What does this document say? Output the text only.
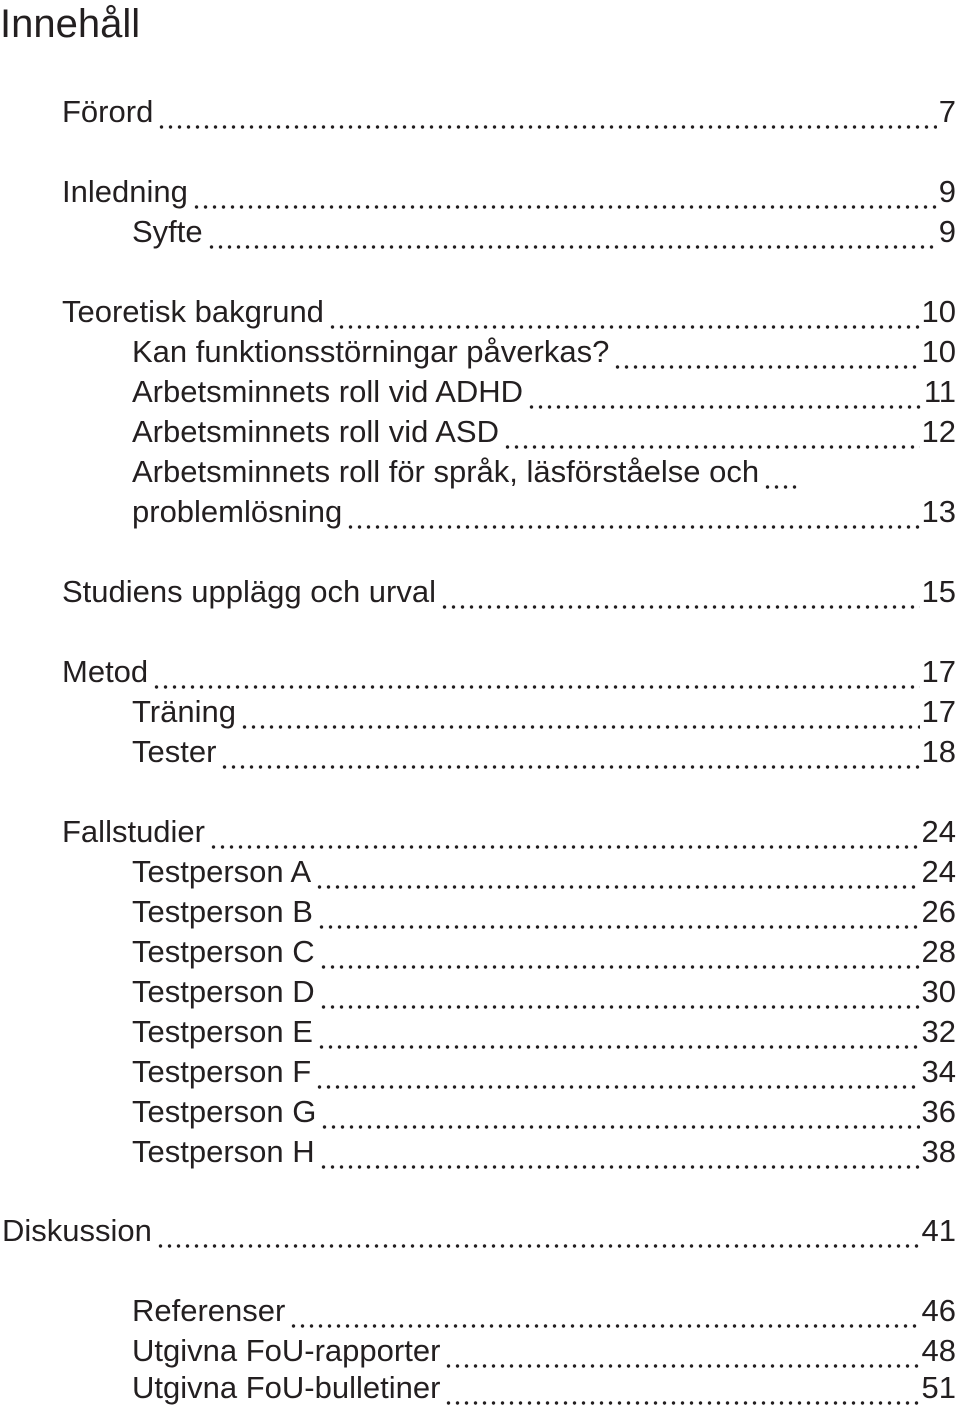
Innehåll
Förord	7
Inledning	9
Syfte	9
Teoretisk bakgrund	10
Kan funktionsstörningar påverkas?	10
Arbetsminnets roll vid ADHD	11
Arbetsminnets roll vid ASD	12
Arbetsminnets roll för språk, läsförståelse och
problemlösning	13
Studiens upplägg och urval	15
Metod	17
Träning	17
Tester	18
Fallstudier	24
Testperson A	24
Testperson B	26
Testperson C	28
Testperson D	30
Testperson E	32
Testperson F	34
Testperson G	36
Testperson H	38
Diskussion	41
Referenser	46
Utgivna FoU-rapporter	48
Utgivna FoU-bulletiner	51
